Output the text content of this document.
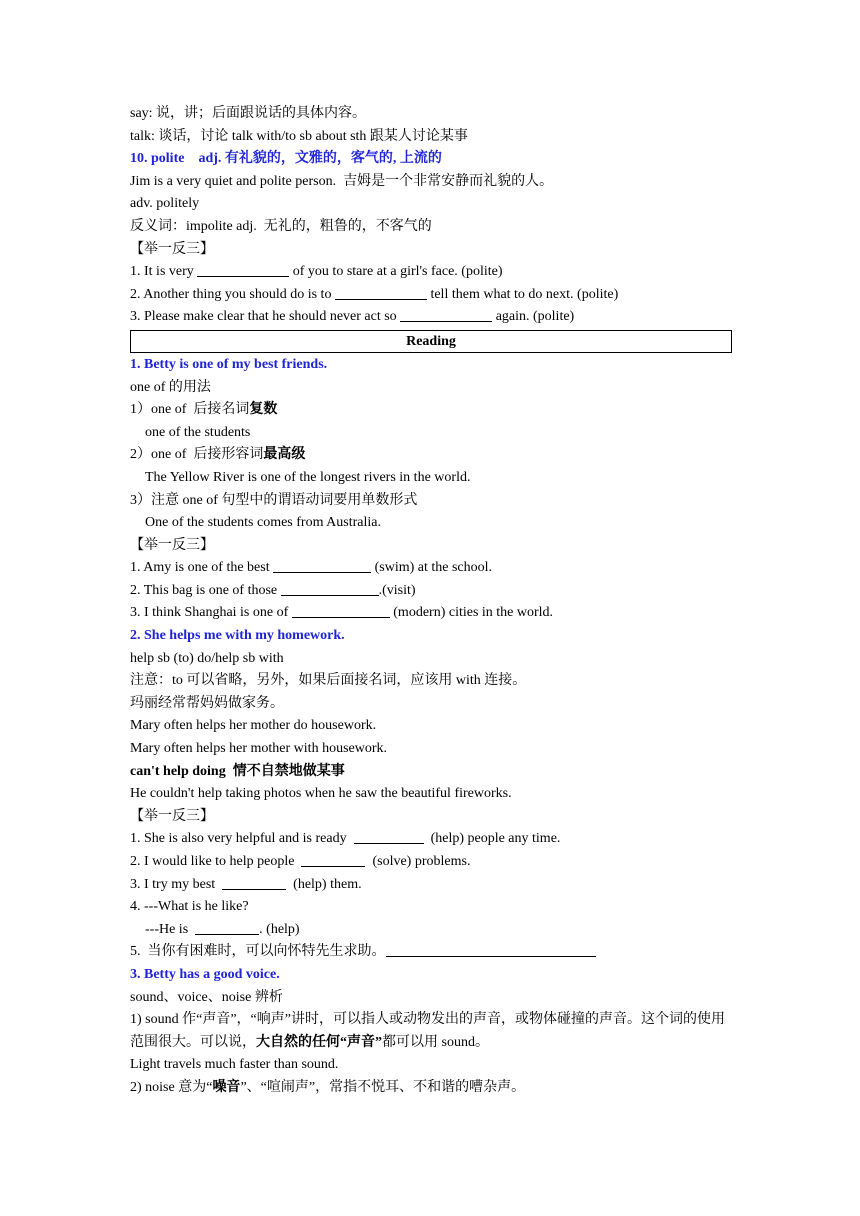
say: 说，讲；后面跟说话的具体内容。

talk: 谈话，讨论 talk with/to sb about sth 跟某人讨论某事

10. polite    adj. 有礼貌的，文雅的，客气的, 上流的

Jim is a very quiet and polite person.  吉姆是一个非常安静而礼貌的人。

adv. politely

反义词：impolite adj.  无礼的，粗鲁的，不客气的

【举一反三】

1. It is very	of you to stare at a girl's face. (polite)

2. Another thing you should do is to	tell them what to do next. (polite)

3. Please make clear that he should never act so	again. (polite)

Reading

1. Betty is one of my best friends.

one of 的用法

1）one of  后接名词复数

one of the students

2）one of  后接形容词最高级

The Yellow River is one of the longest rivers in the world.

3）注意 one of 句型中的谓语动词要用单数形式

One of the students comes from Australia.

【举一反三】

1. Amy is one of the best	(swim) at the school.

2. This bag is one of those	.(visit)

3. I think Shanghai is one of	(modern) cities in the world.

2. She helps me with my homework.

help sb (to) do/help sb with

注意：to 可以省略，另外，如果后面接名词，应该用 with 连接。

玛丽经常帮妈妈做家务。

Mary often helps her mother do housework.

Mary often helps her mother with housework.

can't help doing  情不自禁地做某事

He couldn't help taking photos when he saw the beautiful fireworks.

【举一反三】

1. She is also very helpful and is ready	(help) people any time.

2. I would like to help people	(solve) problems.

3. I try my best	(help) them.

4. ---What is he like?

---He is	. (help)

5.  当你有困难时，可以向怀特先生求助。

3. Betty has a good voice.

sound、voice、noise 辨析

1) sound 作“声音”，“响声”讲时，可以指人或动物发出的声音，或物体碰撞的声音。这个词的使用范围很大。可以说，大自然的任何“声音”都可以用 sound。

Light travels much faster than sound.

2) noise 意为“噪音”、“喧闹声”，常指不悦耳、不和谐的嘈杂声。
